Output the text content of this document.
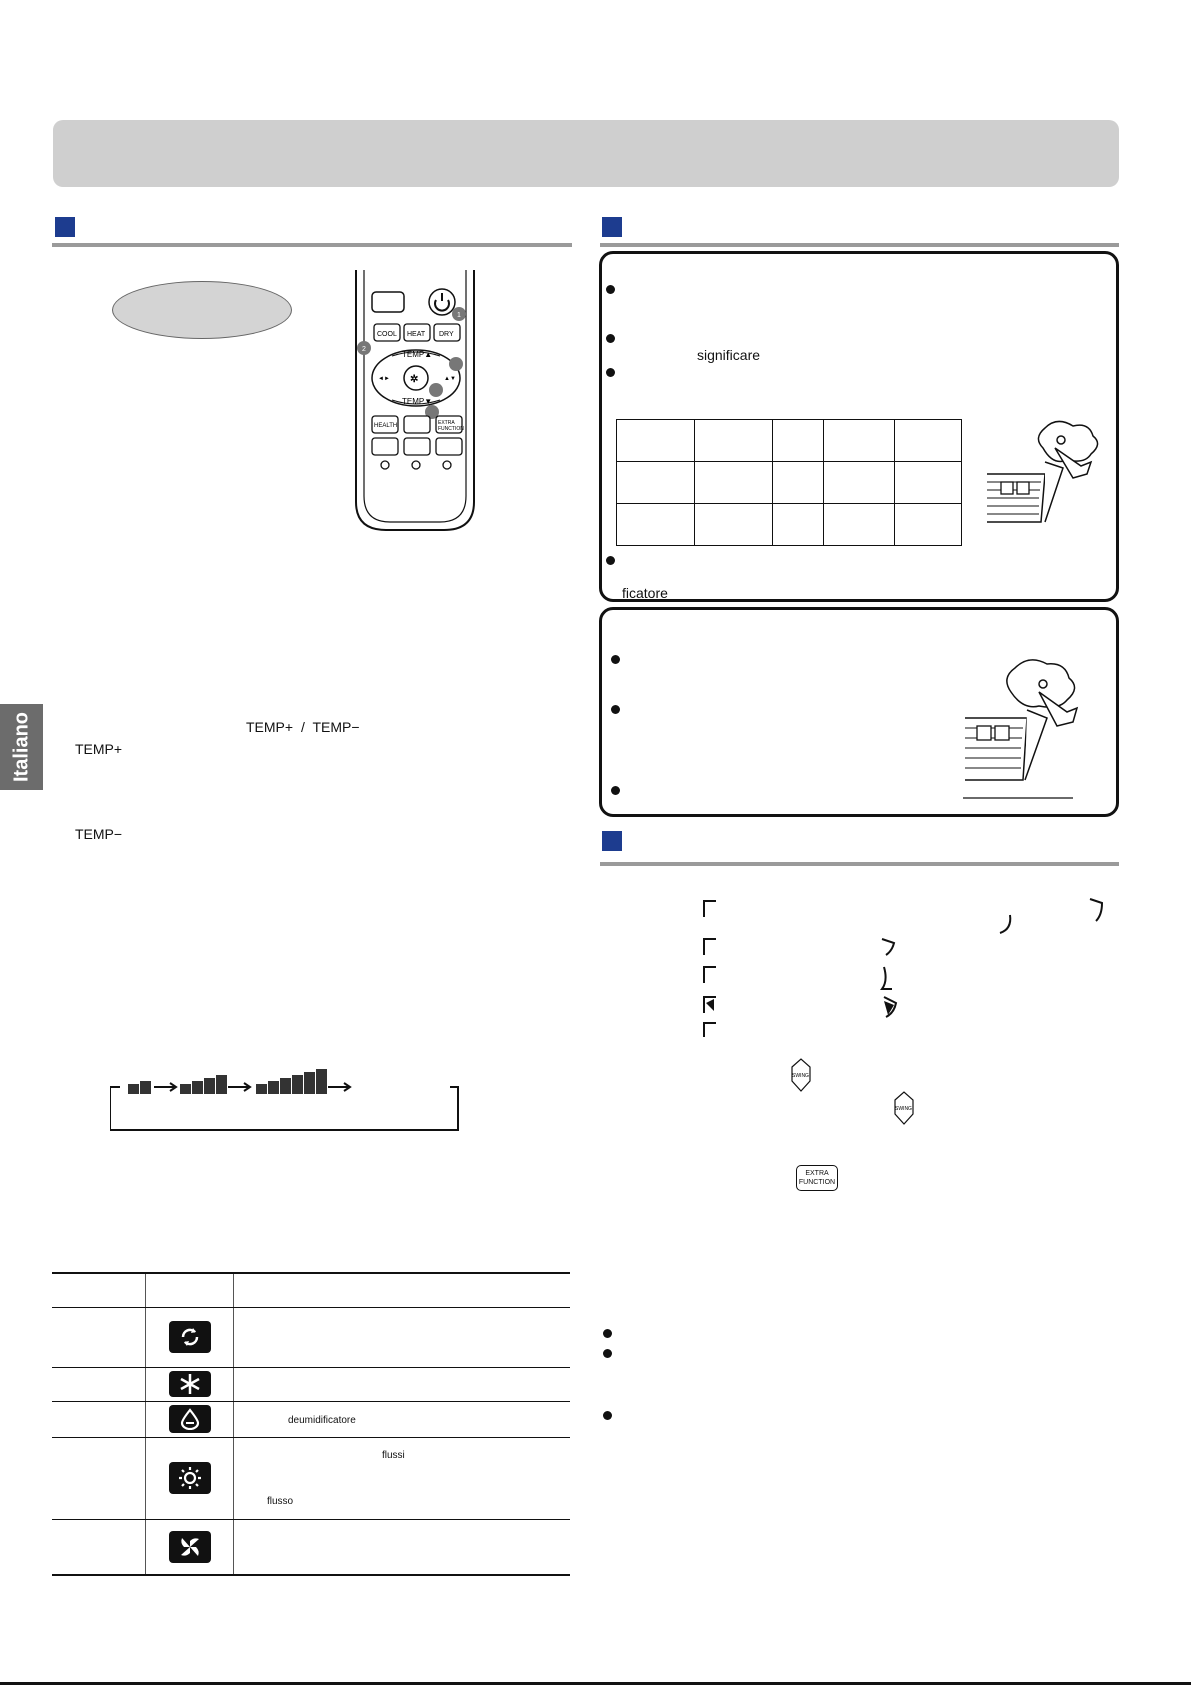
Italiano
1
COOL HEAT DRY
2
TEMP▲
TEMP▼
✲
◄►	▲▼
HEALTH	EXTRA
FUNCTION
TEMP+ / TEMP−
TEMP+
TEMP−

	deumidificatore

flussi
flusso

significare

ficatore
SWING
SWING
EXTRA FUNCTION
